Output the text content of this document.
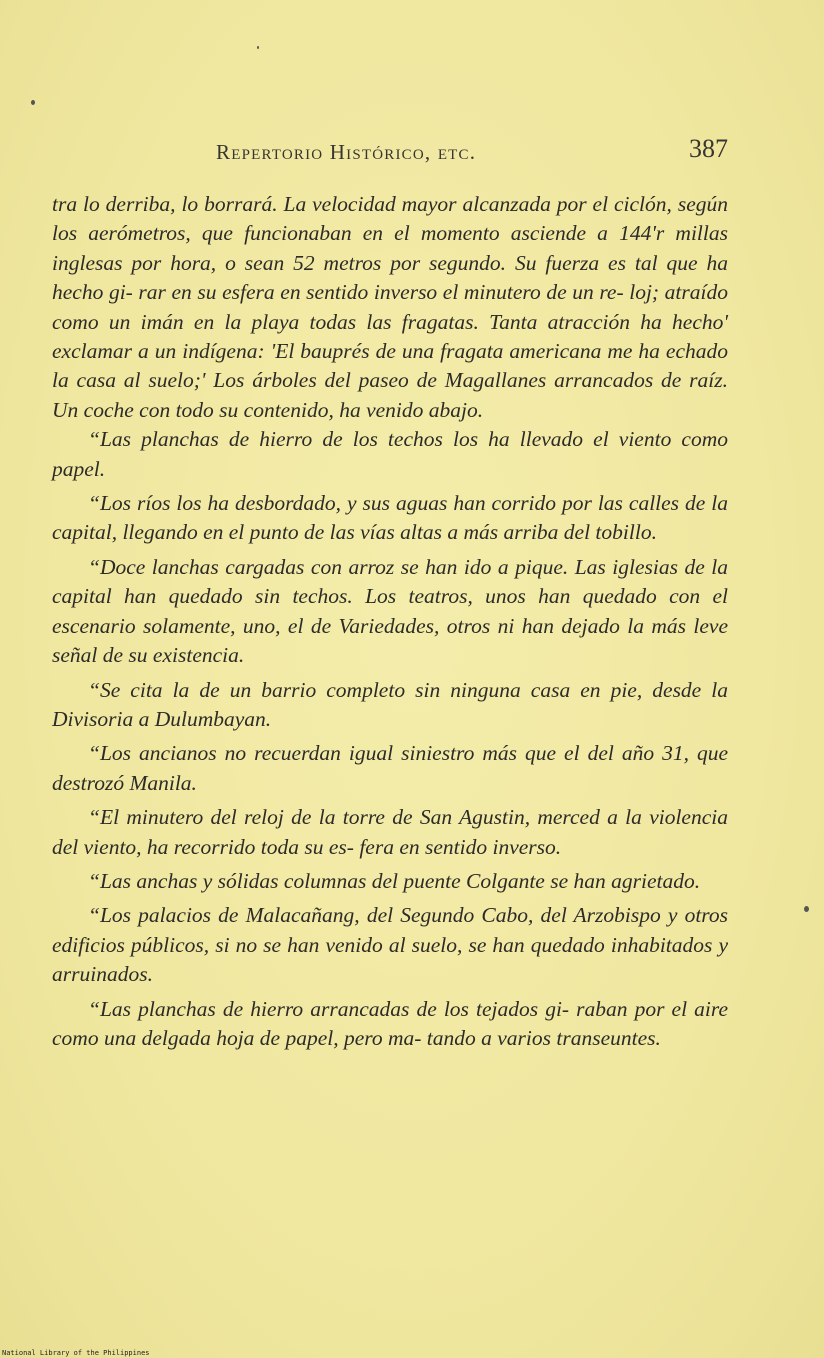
Repertorio Histórico, etc.	387

tra lo derriba, lo borrará. La velocidad mayor alcanzada por el ciclón, según los aerómetros, que funcionaban en el momento asciende a 144'r millas inglesas por hora, o sean 52 metros por segundo. Su fuerza es tal que ha hecho gi- rar en su esfera en sentido inverso el minutero de un re- loj; atraído como un imán en la playa todas las fragatas. Tanta atracción ha hecho' exclamar a un indígena: 'El bauprés de una fragata americana me ha echado la casa al suelo;' Los árboles del paseo de Magallanes arrancados de raíz. Un coche con todo su contenido, ha venido abajo.

“Las planchas de hierro de los techos los ha llevado el viento como papel.

“Los ríos los ha desbordado, y sus aguas han corrido por las calles de la capital, llegando en el punto de las vías altas a más arriba del tobillo.

“Doce lanchas cargadas con arroz se han ido a pique. Las iglesias de la capital han quedado sin techos. Los teatros, unos han quedado con el escenario solamente, uno, el de Variedades, otros ni han dejado la más leve señal de su existencia.

“Se cita la de un barrio completo sin ninguna casa en pie, desde la Divisoria a Dulumbayan.

“Los ancianos no recuerdan igual siniestro más que el del año 31, que destrozó Manila.

“El minutero del reloj de la torre de San Agustin, merced a la violencia del viento, ha recorrido toda su es- fera en sentido inverso.

“Las anchas y sólidas columnas del puente Colgante se han agrietado.

“Los palacios de Malacañang, del Segundo Cabo, del Arzobispo y otros edificios públicos, si no se han venido al suelo, se han quedado inhabitados y arruinados.

“Las planchas de hierro arrancadas de los tejados gi- raban por el aire como una delgada hoja de papel, pero ma- tando a varios transeuntes.

National Library of the Philippines
